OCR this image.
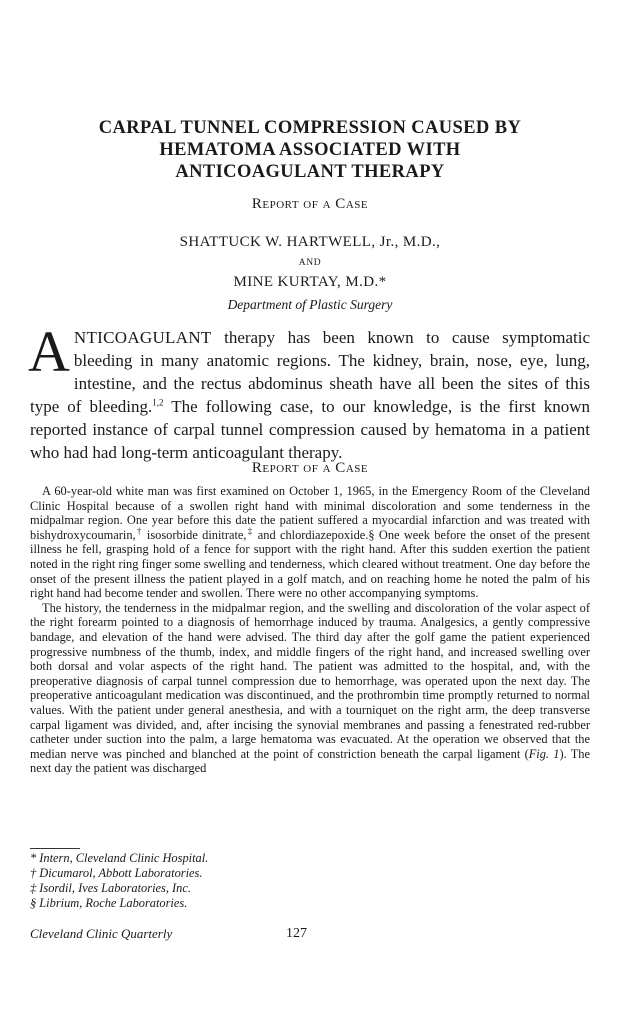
CARPAL TUNNEL COMPRESSION CAUSED BY
HEMATOMA ASSOCIATED WITH
ANTICOAGULANT THERAPY
Report of a Case
SHATTUCK W. HARTWELL, Jr., M.D.,
AND
MINE KURTAY, M.D.*
Department of Plastic Surgery

ANTICOAGULANT therapy has been known to cause symptomatic bleeding in many anatomic regions. The kidney, brain, nose, eye, lung, intestine, and the rectus abdominus sheath have all been the sites of this type of bleeding.$^{1,2}$ The following case, to our knowledge, is the first known reported instance of carpal tunnel compression caused by hematoma in a patient who had had long-term anticoagulant therapy.

Report of a Case

A 60-year-old white man was first examined on October 1, 1965, in the Emergency Room of the Cleveland Clinic Hospital because of a swollen right hand with minimal discoloration and some tenderness in the midpalmar region. One year before this date the patient suffered a myocardial infarction and was treated with bishydroxycoumarin,† isosorbide dinitrate,‡ and chlordiazepoxide.§ One week before the onset of the present illness he fell, grasping hold of a fence for support with the right hand. After this sudden exertion the patient noted in the right ring finger some swelling and tenderness, which cleared without treatment. One day before the onset of the present illness the patient played in a golf match, and on reaching home he noted the palm of his right hand had become tender and swollen. There were no other accompanying symptoms.

The history, the tenderness in the midpalmar region, and the swelling and discoloration of the volar aspect of the right forearm pointed to a diagnosis of hemorrhage induced by trauma. Analgesics, a gently compressive bandage, and elevation of the hand were advised. The third day after the golf game the patient experienced progressive numbness of the thumb, index, and middle fingers of the right hand, and increased swelling over both dorsal and volar aspects of the right hand. The patient was admitted to the hospital, and, with the preoperative diagnosis of carpal tunnel compression due to hemorrhage, was operated upon the next day. The preoperative anticoagulant medication was discontinued, and the prothrombin time promptly returned to normal values. With the patient under general anesthesia, and with a tourniquet on the right arm, the deep transverse carpal ligament was divided, and, after incising the synovial membranes and passing a fenestrated red-rubber catheter under suction into the palm, a large hematoma was evacuated. At the operation we observed that the median nerve was pinched and blanched at the point of constriction beneath the carpal ligament (Fig. 1). The next day the patient was discharged

* Intern, Cleveland Clinic Hospital.
† Dicumarol, Abbott Laboratories.
‡ Isordil, Ives Laboratories, Inc.
§ Librium, Roche Laboratories.
Cleveland Clinic Quarterly	127
